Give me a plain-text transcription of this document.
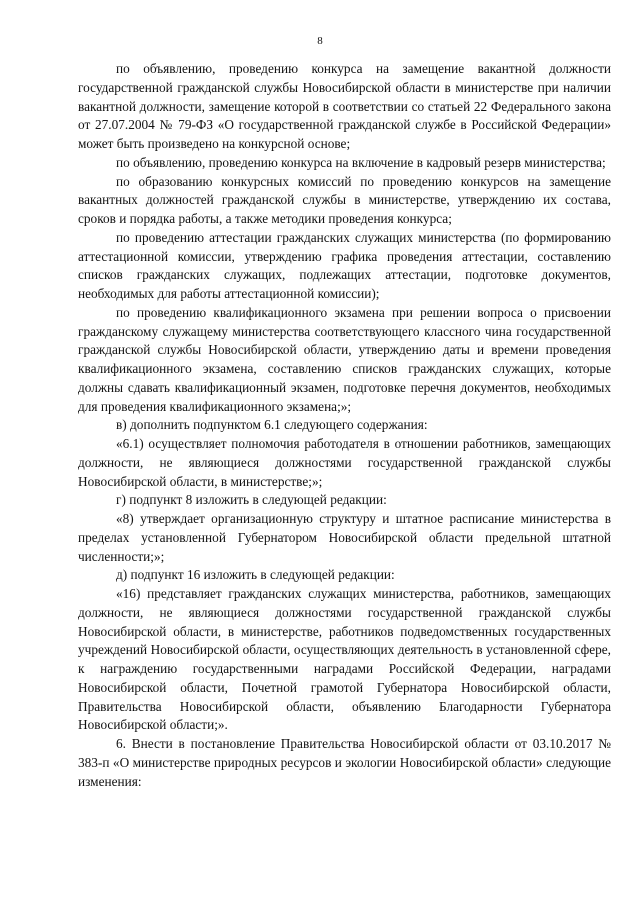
8

по объявлению, проведению конкурса на замещение вакантной должности государственной гражданской службы Новосибирской области в министерстве при наличии вакантной должности, замещение которой в соответствии со статьей 22 Федерального закона от 27.07.2004 № 79-ФЗ «О государственной гражданской службе в Российской Федерации» может быть произведено на конкурсной основе;

по объявлению, проведению конкурса на включение в кадровый резерв министерства;

по образованию конкурсных комиссий по проведению конкурсов на замещение вакантных должностей гражданской службы в министерстве, утверждению их состава, сроков и порядка работы, а также методики проведения конкурса;

по проведению аттестации гражданских служащих министерства (по формированию аттестационной комиссии, утверждению графика проведения аттестации, составлению списков гражданских служащих, подлежащих аттестации, подготовке документов, необходимых для работы аттестационной комиссии);

по проведению квалификационного экзамена при решении вопроса о присвоении гражданскому служащему министерства соответствующего классного чина государственной гражданской службы Новосибирской области, утверждению даты и времени проведения квалификационного экзамена, составлению списков гражданских служащих, которые должны сдавать квалификационный экзамен, подготовке перечня документов, необходимых для проведения квалификационного экзамена;»;

в) дополнить подпунктом 6.1 следующего содержания:

«6.1) осуществляет полномочия работодателя в отношении работников, замещающих должности, не являющиеся должностями государственной гражданской службы Новосибирской области, в министерстве;»;

г) подпункт 8 изложить в следующей редакции:

«8) утверждает организационную структуру и штатное расписание министерства в пределах установленной Губернатором Новосибирской области предельной штатной численности;»;

д) подпункт 16 изложить в следующей редакции:

«16) представляет гражданских служащих министерства, работников, замещающих должности, не являющиеся должностями государственной гражданской службы Новосибирской области, в министерстве, работников подведомственных государственных учреждений Новосибирской области, осуществляющих деятельность в установленной сфере, к награждению государственными наградами Российской Федерации, наградами Новосибирской области, Почетной грамотой Губернатора Новосибирской области, Правительства Новосибирской области, объявлению Благодарности Губернатора Новосибирской области;».

6. Внести в постановление Правительства Новосибирской области от 03.10.2017 № 383-п «О министерстве природных ресурсов и экологии Новосибирской области» следующие изменения:
